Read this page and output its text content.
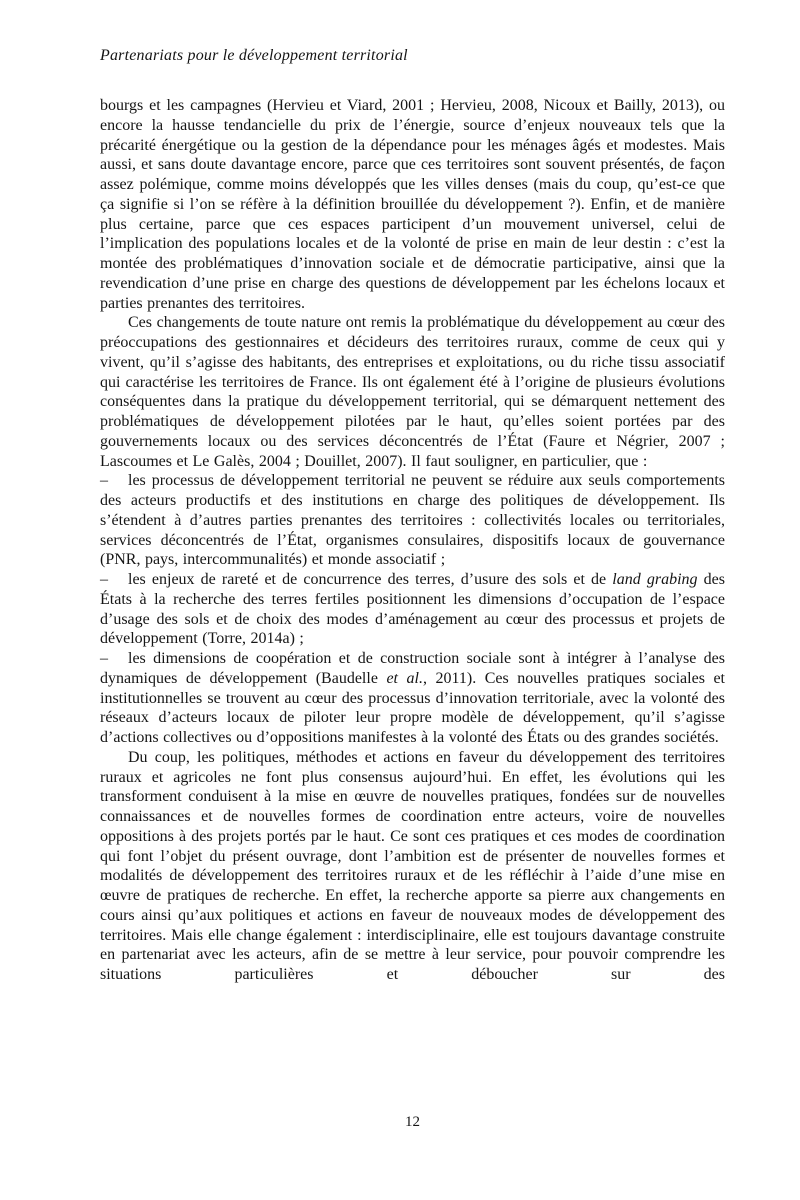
Partenariats pour le développement territorial

bourgs et les campagnes (Hervieu et Viard, 2001 ; Hervieu, 2008, Nicoux et Bailly, 2013), ou encore la hausse tendancielle du prix de l’énergie, source d’enjeux nouveaux tels que la précarité énergétique ou la gestion de la dépendance pour les ménages âgés et modestes. Mais aussi, et sans doute davantage encore, parce que ces territoires sont souvent présentés, de façon assez polémique, comme moins développés que les villes denses (mais du coup, qu’est-ce que ça signifie si l’on se réfère à la définition brouillée du développement ?). Enfin, et de manière plus certaine, parce que ces espaces participent d’un mouvement universel, celui de l’implication des populations locales et de la volonté de prise en main de leur destin : c’est la montée des problématiques d’innovation sociale et de démocratie participative, ainsi que la revendication d’une prise en charge des questions de développement par les échelons locaux et parties prenantes des territoires.

Ces changements de toute nature ont remis la problématique du développement au cœur des préoccupations des gestionnaires et décideurs des territoires ruraux, comme de ceux qui y vivent, qu’il s’agisse des habitants, des entreprises et exploitations, ou du riche tissu associatif qui caractérise les territoires de France. Ils ont également été à l’origine de plusieurs évolutions conséquentes dans la pratique du développement territorial, qui se démarquent nettement des problématiques de développement pilotées par le haut, qu’elles soient portées par des gouvernements locaux ou des services déconcentrés de l’État (Faure et Négrier, 2007 ; Lascoumes et Le Galès, 2004 ; Douillet, 2007). Il faut souligner, en particulier, que :

– les processus de développement territorial ne peuvent se réduire aux seuls comportements des acteurs productifs et des institutions en charge des politiques de développement. Ils s’étendent à d’autres parties prenantes des territoires : collectivités locales ou territoriales, services déconcentrés de l’État, organismes consulaires, dispositifs locaux de gouvernance (PNR, pays, intercommunalités) et monde associatif ;

– les enjeux de rareté et de concurrence des terres, d’usure des sols et de land grabing des États à la recherche des terres fertiles positionnent les dimensions d’occupation de l’espace d’usage des sols et de choix des modes d’aménagement au cœur des processus et projets de développement (Torre, 2014a) ;

– les dimensions de coopération et de construction sociale sont à intégrer à l’analyse des dynamiques de développement (Baudelle et al., 2011). Ces nouvelles pratiques sociales et institutionnelles se trouvent au cœur des processus d’innovation territoriale, avec la volonté des réseaux d’acteurs locaux de piloter leur propre modèle de développement, qu’il s’agisse d’actions collectives ou d’oppositions manifestes à la volonté des États ou des grandes sociétés.

Du coup, les politiques, méthodes et actions en faveur du développement des territoires ruraux et agricoles ne font plus consensus aujourd’hui. En effet, les évolutions qui les transforment conduisent à la mise en œuvre de nouvelles pratiques, fondées sur de nouvelles connaissances et de nouvelles formes de coordination entre acteurs, voire de nouvelles oppositions à des projets portés par le haut. Ce sont ces pratiques et ces modes de coordination qui font l’objet du présent ouvrage, dont l’ambition est de présenter de nouvelles formes et modalités de développement des territoires ruraux et de les réfléchir à l’aide d’une mise en œuvre de pratiques de recherche. En effet, la recherche apporte sa pierre aux changements en cours ainsi qu’aux politiques et actions en faveur de nouveaux modes de développement des territoires. Mais elle change également : interdisciplinaire, elle est toujours davantage construite en partenariat avec les acteurs, afin de se mettre à leur service, pour pouvoir comprendre les situations particulières et déboucher sur des

12
